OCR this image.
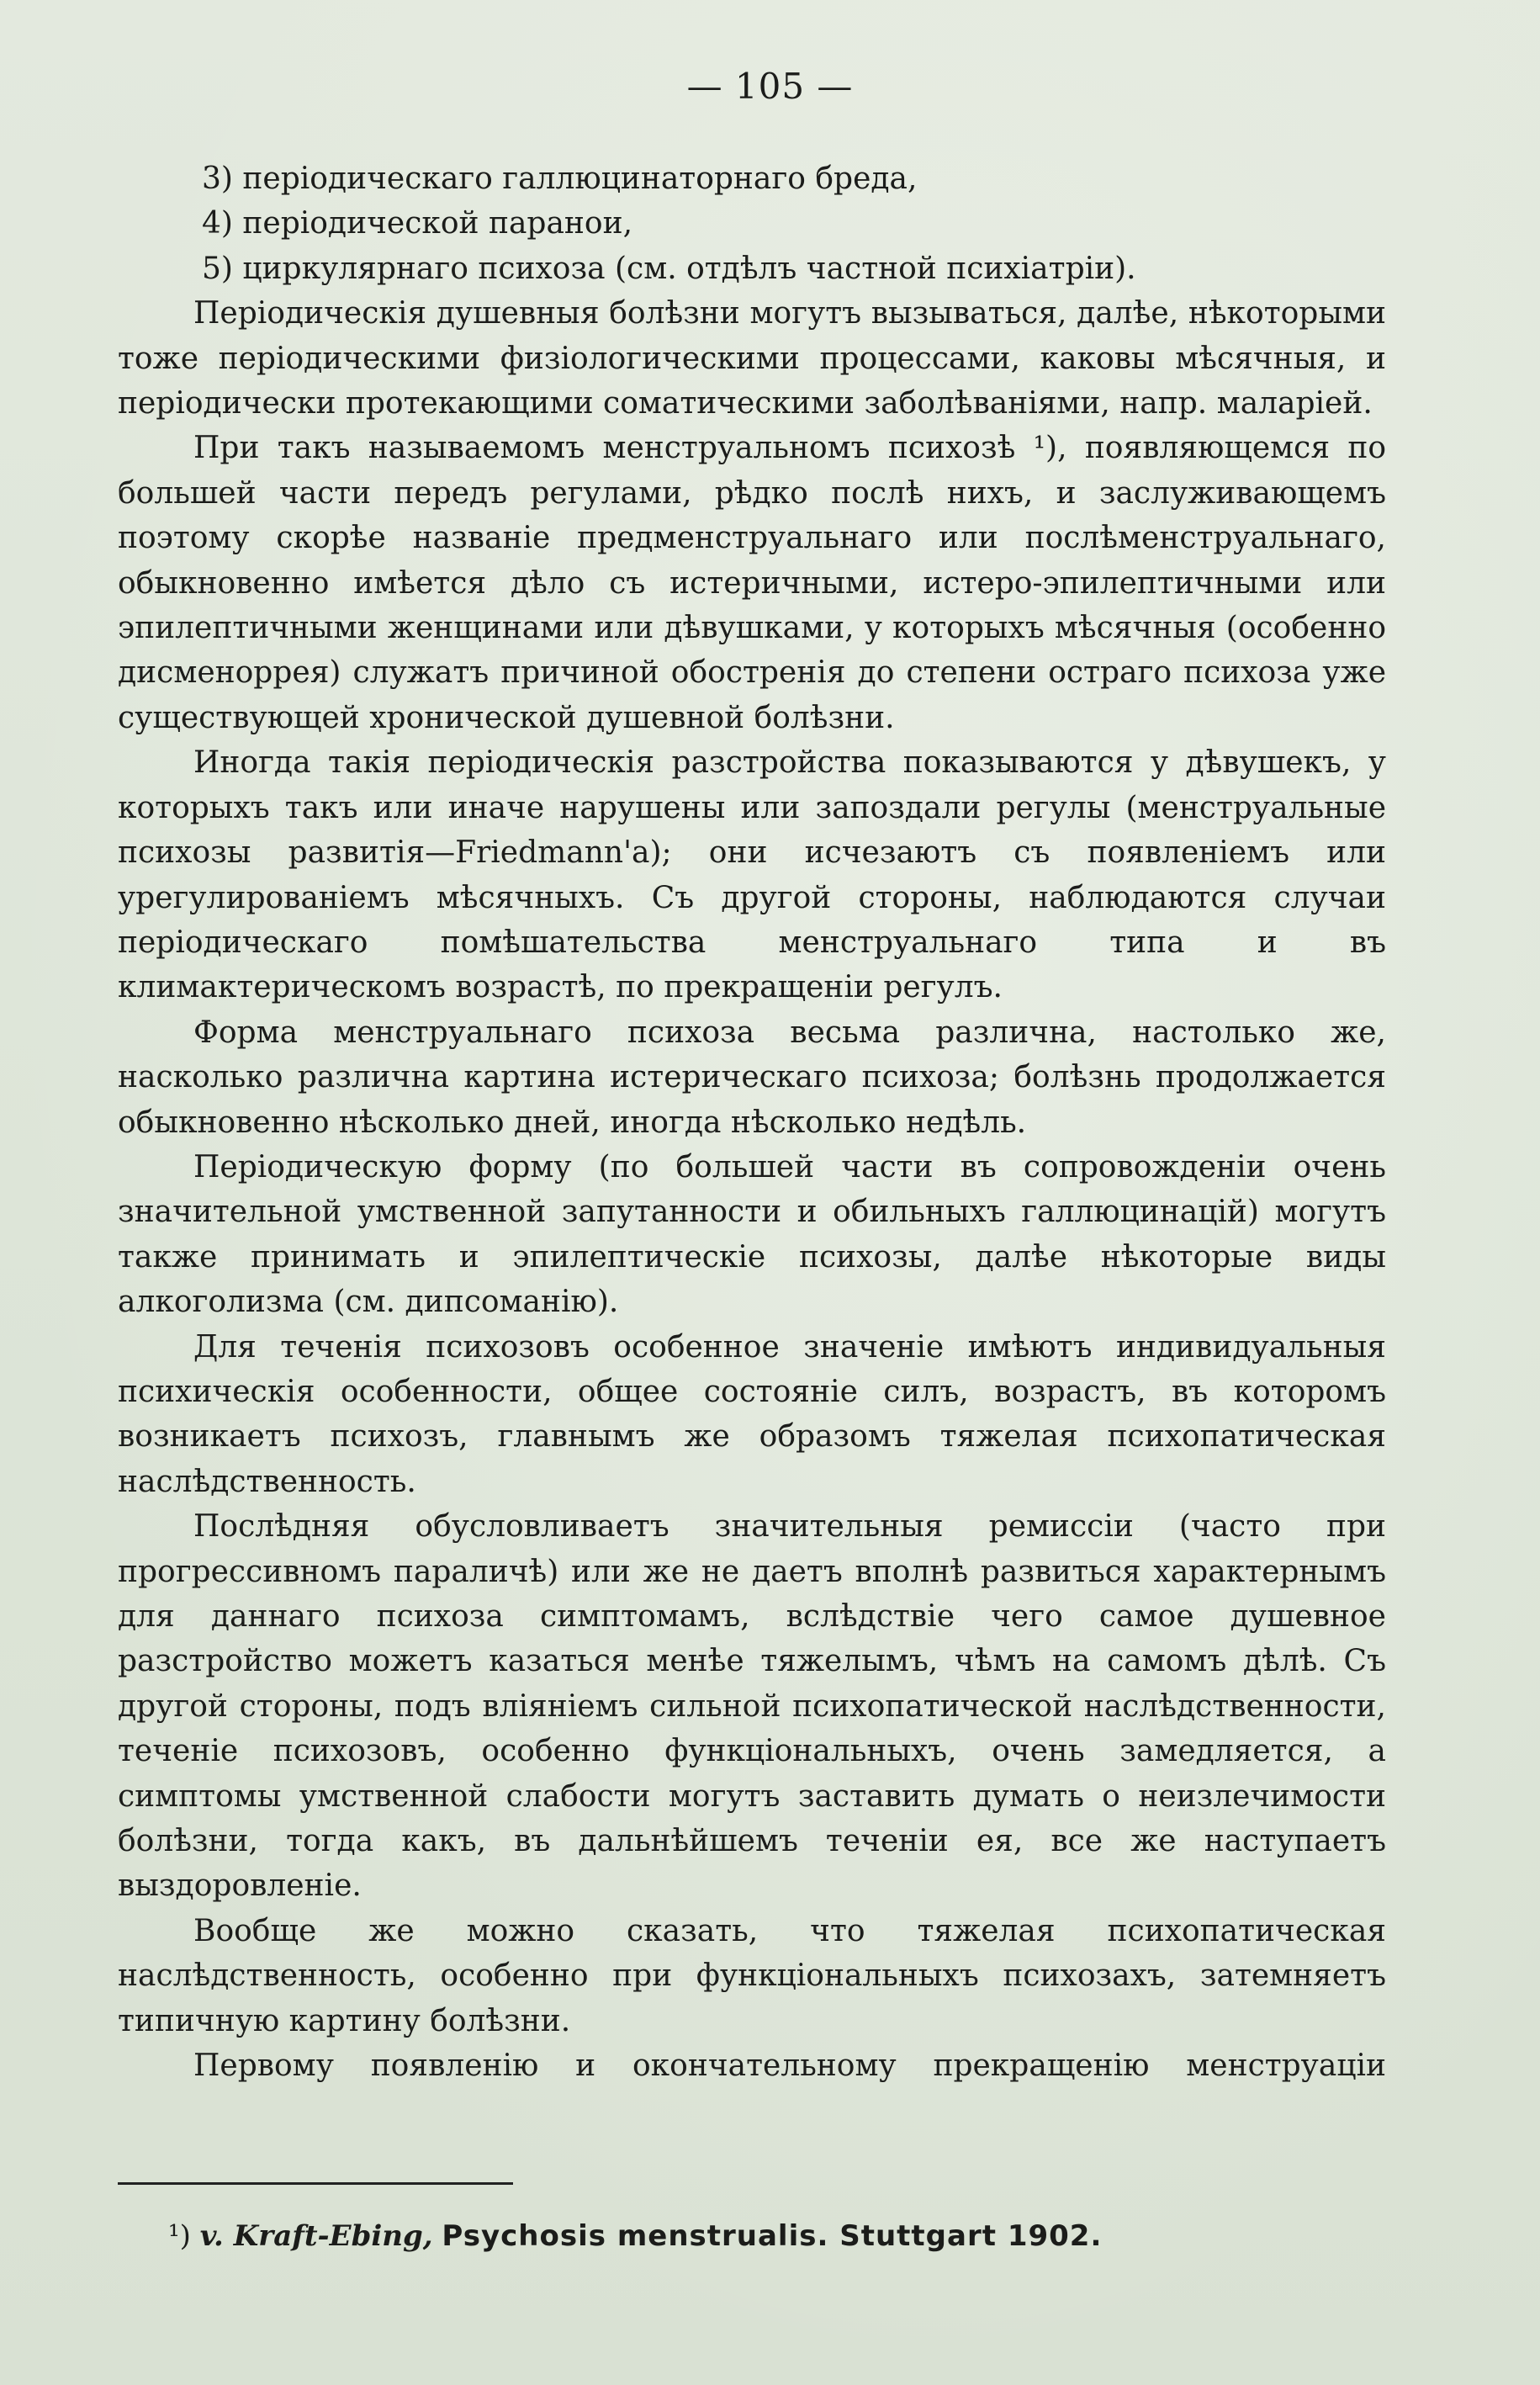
— 105 —
3) періодическаго галлюцинаторнаго бреда,
4) періодической паранои,
5) циркулярнаго психоза (см. отдѣлъ частной психіатріи).

Періодическія душевныя болѣзни могутъ вызываться, далѣе, нѣкоторыми тоже періодическими физіологическими процессами, каковы мѣсячныя, и періодически протекающими соматическими заболѣваніями, напр. маларіей.

При такъ называемомъ менструальномъ психозѣ ¹), появляющемся по большей части передъ регулами, рѣдко послѣ нихъ, и заслуживающемъ поэтому скорѣе названіе предменструальнаго или послѣменструальнаго, обыкновенно имѣется дѣло съ истеричными, истеро-эпилептичными или эпилептичными женщинами или дѣвушками, у которыхъ мѣсячныя (особенно дисменоррея) служатъ причиной обостренія до степени остраго психоза уже существующей хронической душевной болѣзни.

Иногда такія періодическія разстройства показываются у дѣвушекъ, у которыхъ такъ или иначе нарушены или запоздали регулы (менструальные психозы развитія—Friedmann'а); они исчезаютъ съ появленіемъ или урегулированіемъ мѣсячныхъ. Съ другой стороны, наблюдаются случаи періодическаго помѣшательства менструальнаго типа и въ климактерическомъ возрастѣ, по прекращеніи регулъ.

Форма менструальнаго психоза весьма различна, настолько же, насколько различна картина истерическаго психоза; болѣзнь продолжается обыкновенно нѣсколько дней, иногда нѣсколько недѣль.

Періодическую форму (по большей части въ сопровожденіи очень значительной умственной запутанности и обильныхъ галлюцинацій) могутъ также принимать и эпилептическіе психозы, далѣе нѣкоторые виды алкоголизма (см. дипсоманію).

Для теченія психозовъ особенное значеніе имѣютъ индивидуальныя психическія особенности, общее состояніе силъ, возрастъ, въ которомъ возникаетъ психозъ, главнымъ же образомъ тяжелая психопатическая наслѣдственность.

Послѣдняя обусловливаетъ значительныя ремиссіи (часто при прогрессивномъ параличѣ) или же не даетъ вполнѣ развиться характернымъ для даннаго психоза симптомамъ, вслѣдствіе чего самое душевное разстройство можетъ казаться менѣе тяжелымъ, чѣмъ на самомъ дѣлѣ. Съ другой стороны, подъ вліяніемъ сильной психопатической наслѣдственности, теченіе психозовъ, особенно функціональныхъ, очень замедляется, а симптомы умственной слабости могутъ заставить думать о неизлечимости болѣзни, тогда какъ, въ дальнѣйшемъ теченіи ея, все же наступаетъ выздоровленіе.

Вообще же можно сказать, что тяжелая психопатическая наслѣдственность, особенно при функціональныхъ психозахъ, затемняетъ типичную картину болѣзни.

Первому появленію и окончательному прекращенію менструаціи

¹) v. Kraft-Ebing, Psychosis menstrualis. Stuttgart 1902.
